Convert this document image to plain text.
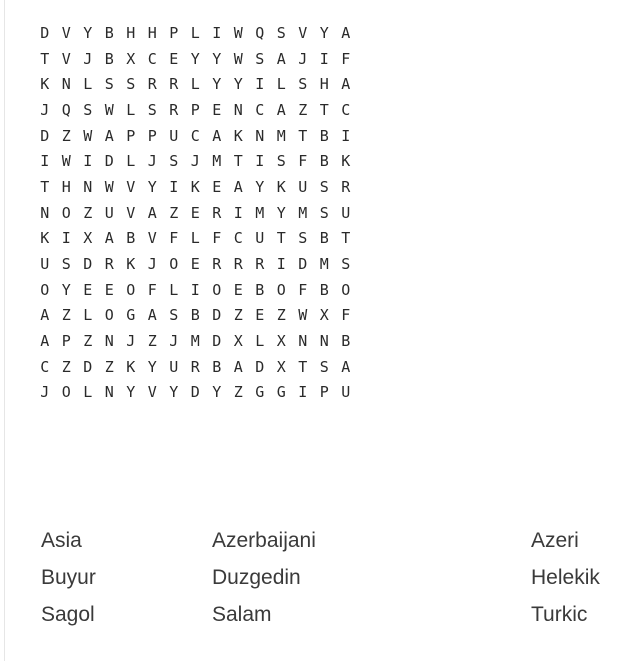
D V Y B H H P L I W Q S V Y A
T V J B X C E Y Y W S A J I F
K N L S S R R L Y Y I L S H A
J Q S W L S R P E N C A Z T C
D Z W A P P U C A K N M T B I
I W I D L J S J M T I S F B K
T H N W V Y I K E A Y K U S R
N O Z U V A Z E R I M Y M S U
K I X A B V F L F C U T S B T
U S D R K J O E R R R I D M S
O Y E E O F L I O E B O F B O
A Z L O G A S B D Z E Z W X F
A P Z N J Z J M D X L X N N B
C Z D Z K Y U R B A D X T S A
J O L N Y V Y D Y Z G G I P U
Asia	Azerbaijani	Azeri
Buyur	Duzgedin	Helekik
Sagol	Salam	Turkic
